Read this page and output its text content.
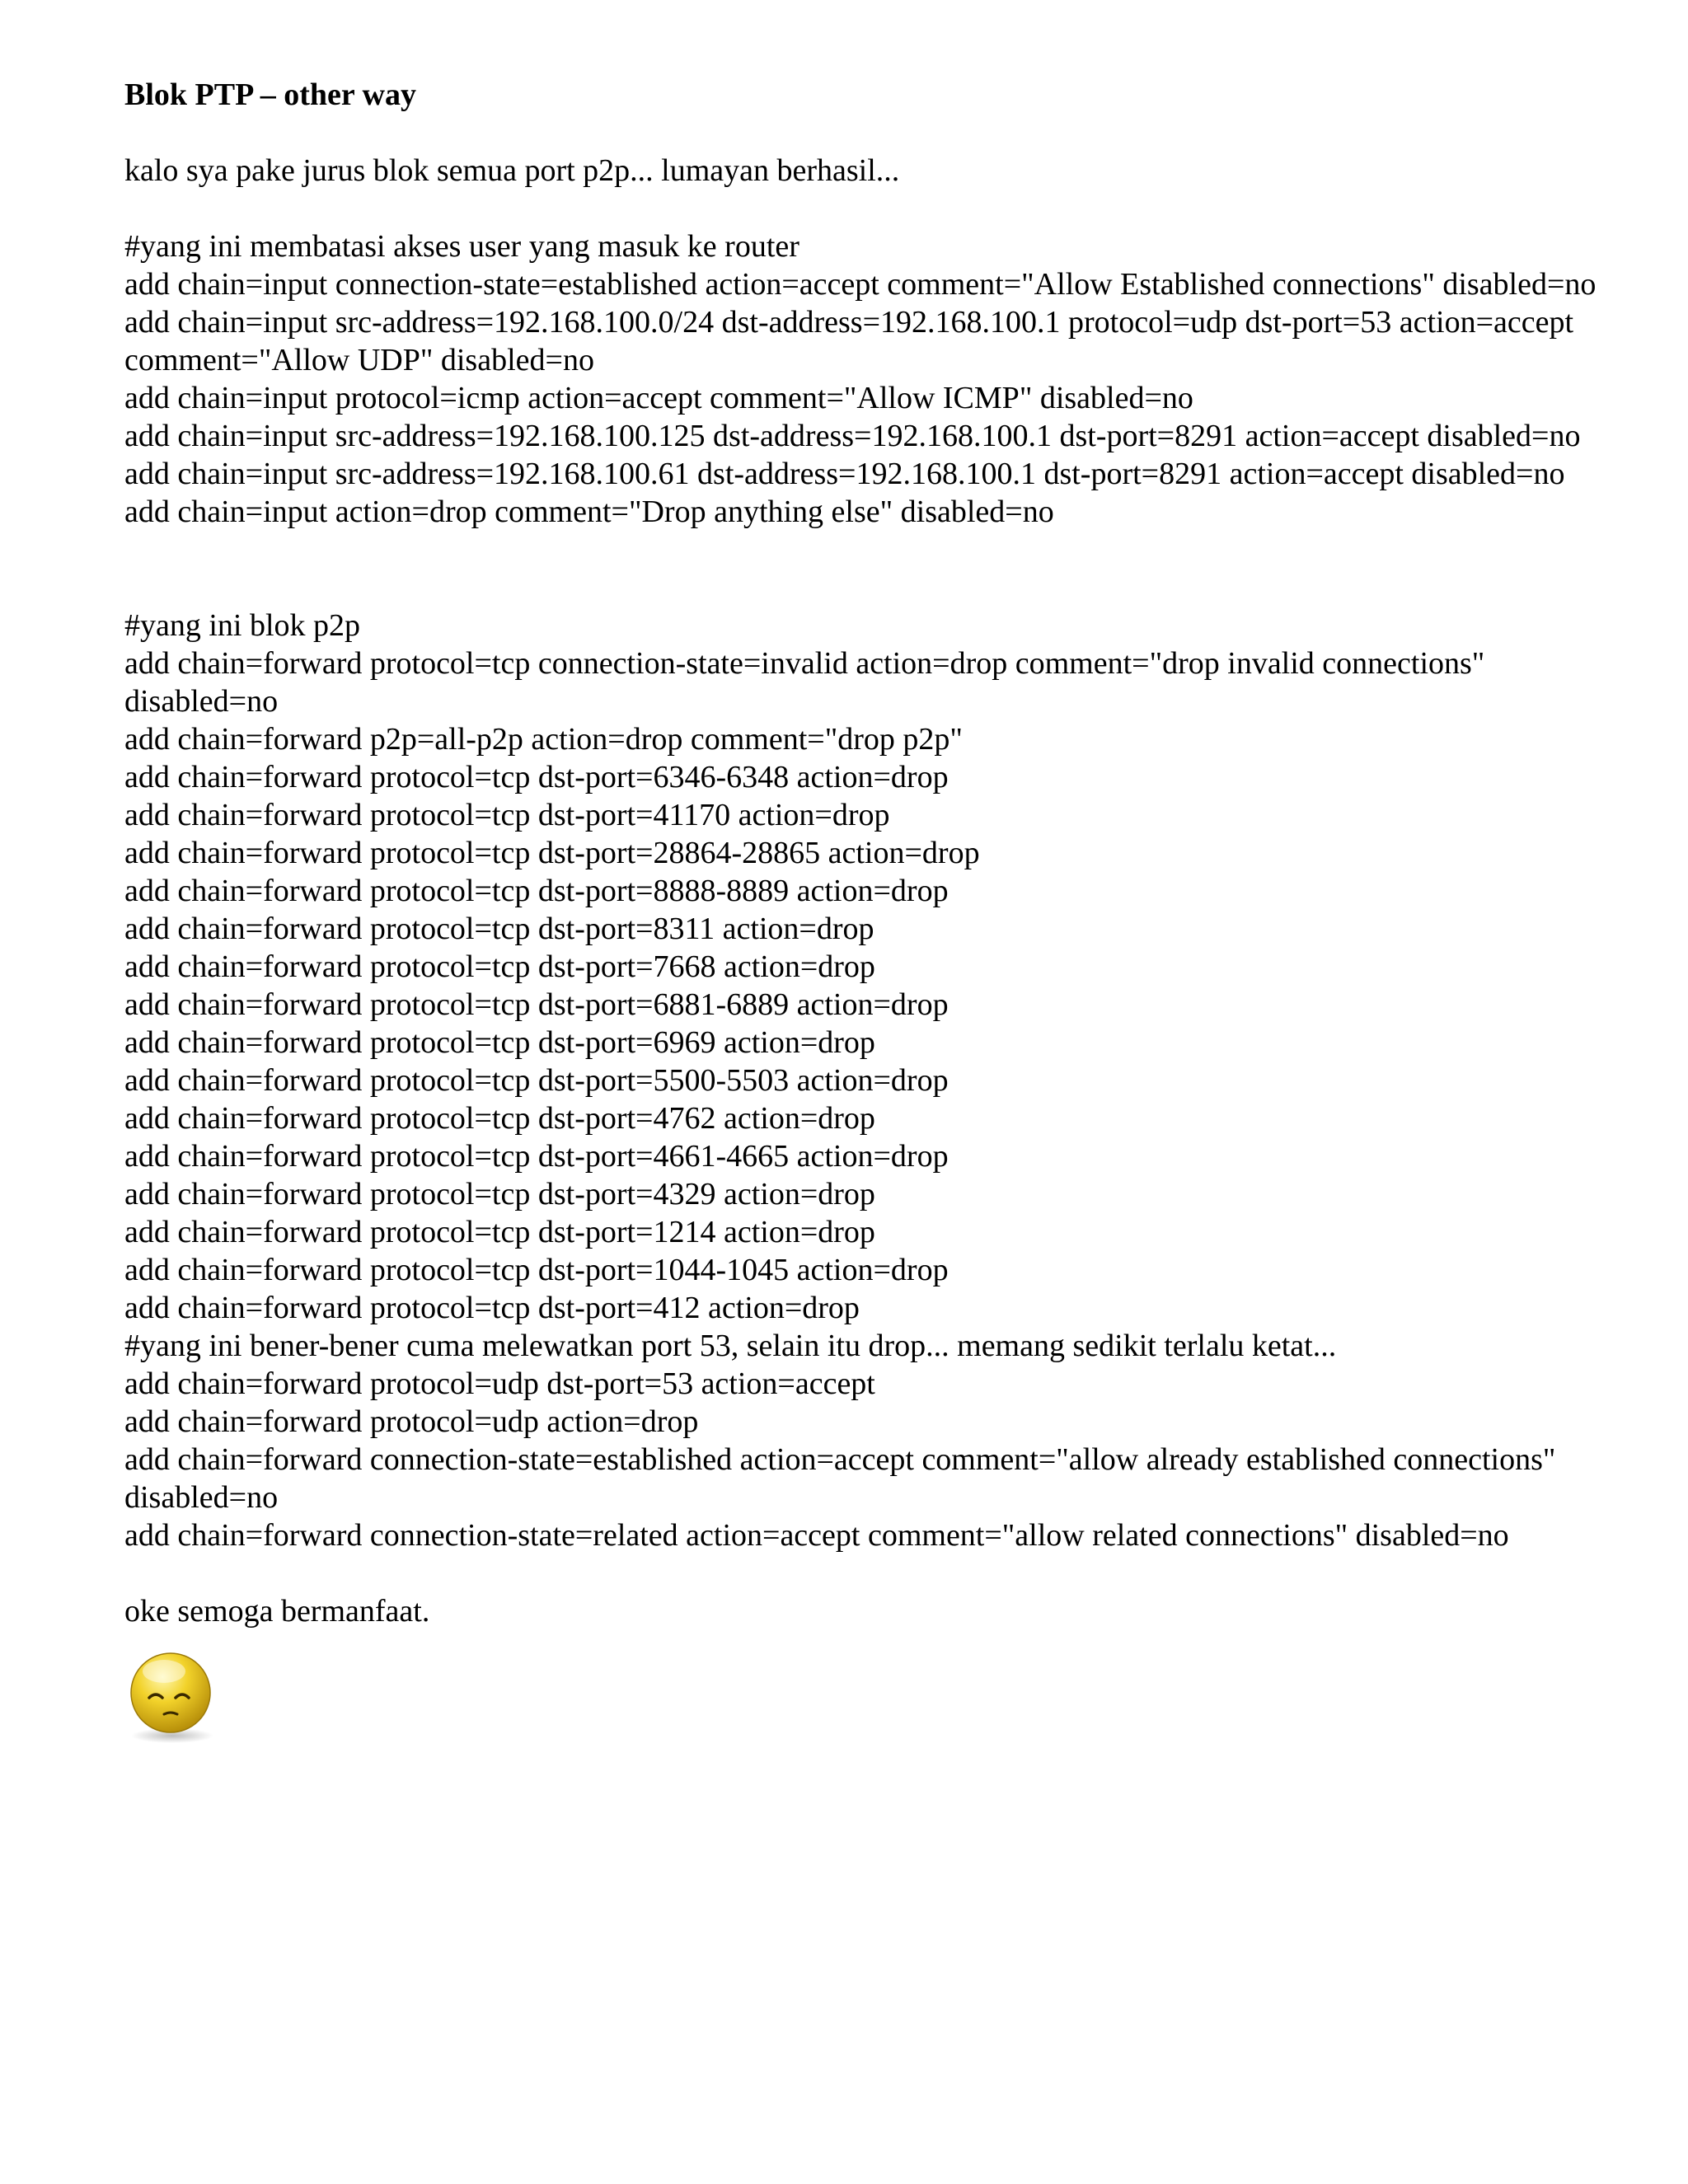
Blok PTP – other way
kalo sya pake jurus blok semua port p2p... lumayan berhasil...
#yang ini membatasi akses user yang masuk ke router
add chain=input connection-state=established action=accept comment="Allow Established connections" disabled=no
add chain=input src-address=192.168.100.0/24 dst-address=192.168.100.1 protocol=udp dst-port=53 action=accept comment="Allow UDP" disabled=no
add chain=input protocol=icmp action=accept comment="Allow ICMP" disabled=no
add chain=input src-address=192.168.100.125 dst-address=192.168.100.1 dst-port=8291 action=accept disabled=no
add chain=input src-address=192.168.100.61 dst-address=192.168.100.1 dst-port=8291 action=accept disabled=no
add chain=input action=drop comment="Drop anything else" disabled=no
#yang ini blok p2p
add chain=forward protocol=tcp connection-state=invalid action=drop comment="drop invalid connections" disabled=no
add chain=forward p2p=all-p2p action=drop comment="drop p2p"
add chain=forward protocol=tcp dst-port=6346-6348 action=drop
add chain=forward protocol=tcp dst-port=41170 action=drop
add chain=forward protocol=tcp dst-port=28864-28865 action=drop
add chain=forward protocol=tcp dst-port=8888-8889 action=drop
add chain=forward protocol=tcp dst-port=8311 action=drop
add chain=forward protocol=tcp dst-port=7668 action=drop
add chain=forward protocol=tcp dst-port=6881-6889 action=drop
add chain=forward protocol=tcp dst-port=6969 action=drop
add chain=forward protocol=tcp dst-port=5500-5503 action=drop
add chain=forward protocol=tcp dst-port=4762 action=drop
add chain=forward protocol=tcp dst-port=4661-4665 action=drop
add chain=forward protocol=tcp dst-port=4329 action=drop
add chain=forward protocol=tcp dst-port=1214 action=drop
add chain=forward protocol=tcp dst-port=1044-1045 action=drop
add chain=forward protocol=tcp dst-port=412 action=drop
#yang ini bener-bener cuma melewatkan port 53, selain itu drop... memang sedikit terlalu ketat...
add chain=forward protocol=udp dst-port=53 action=accept
add chain=forward protocol=udp action=drop
add chain=forward connection-state=established action=accept comment="allow already established connections" disabled=no
add chain=forward connection-state=related action=accept comment="allow related connections" disabled=no
oke semoga bermanfaat.
